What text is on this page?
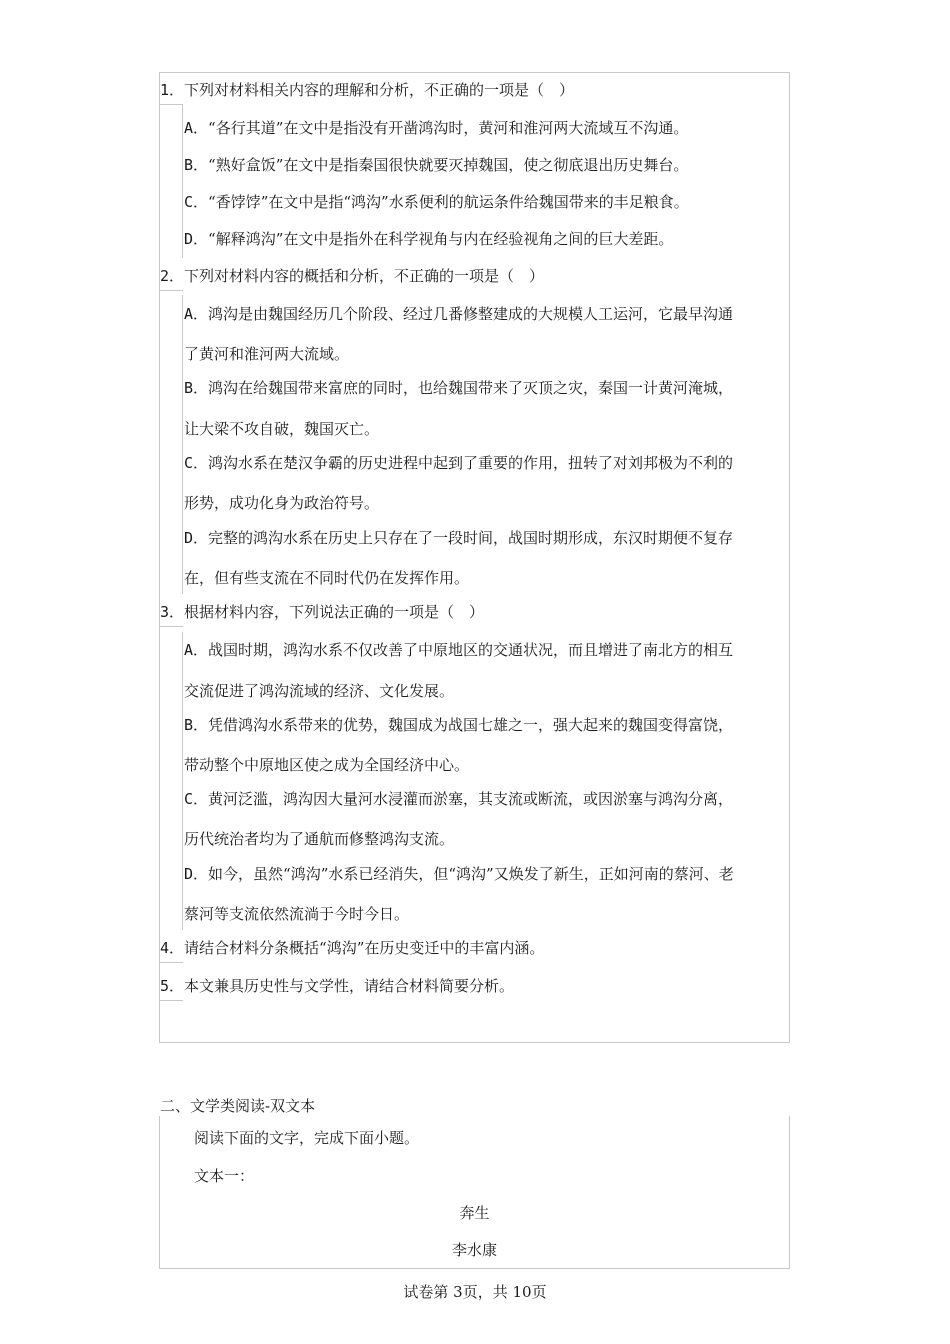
1．下列对材料相关内容的理解和分析，不正确的一项是（　）
A．“各行其道”在文中是指没有开凿鸿沟时，黄河和淮河两大流域互不沟通。
B．“熟好盒饭”在文中是指秦国很快就要灭掉魏国，使之彻底退出历史舞台。
C．“香饽饽”在文中是指“鸿沟”水系便利的航运条件给魏国带来的丰足粮食。
D．“解释鸿沟”在文中是指外在科学视角与内在经验视角之间的巨大差距。
2．下列对材料内容的概括和分析，不正确的一项是（　）
A．鸿沟是由魏国经历几个阶段、经过几番修整建成的大规模人工运河，它最早沟通
了黄河和淮河两大流域。
B．鸿沟在给魏国带来富庶的同时，也给魏国带来了灭顶之灾，秦国一计黄河淹城，
让大梁不攻自破，魏国灭亡。
C．鸿沟水系在楚汉争霸的历史进程中起到了重要的作用，扭转了对刘邦极为不利的
形势，成功化身为政治符号。
D．完整的鸿沟水系在历史上只存在了一段时间，战国时期形成，东汉时期便不复存
在，但有些支流在不同时代仍在发挥作用。
3．根据材料内容，下列说法正确的一项是（　）
A．战国时期，鸿沟水系不仅改善了中原地区的交通状况，而且增进了南北方的相互
交流促进了鸿沟流域的经济、文化发展。
B．凭借鸿沟水系带来的优势，魏国成为战国七雄之一，强大起来的魏国变得富饶，
带动整个中原地区使之成为全国经济中心。
C．黄河泛滥，鸿沟因大量河水浸灌而淤塞，其支流或断流，或因淤塞与鸿沟分离，
历代统治者均为了通航而修整鸿沟支流。
D．如今，虽然“鸿沟”水系已经消失，但“鸿沟”又焕发了新生，正如河南的蔡河、老
蔡河等支流依然流淌于今时今日。
4．请结合材料分条概括“鸿沟”在历史变迁中的丰富内涵。
5．本文兼具历史性与文学性，请结合材料简要分析。
二、文学类阅读-双文本
阅读下面的文字，完成下面小题。
文本一：
奔生
李水康
试卷第 3页，共 10页
